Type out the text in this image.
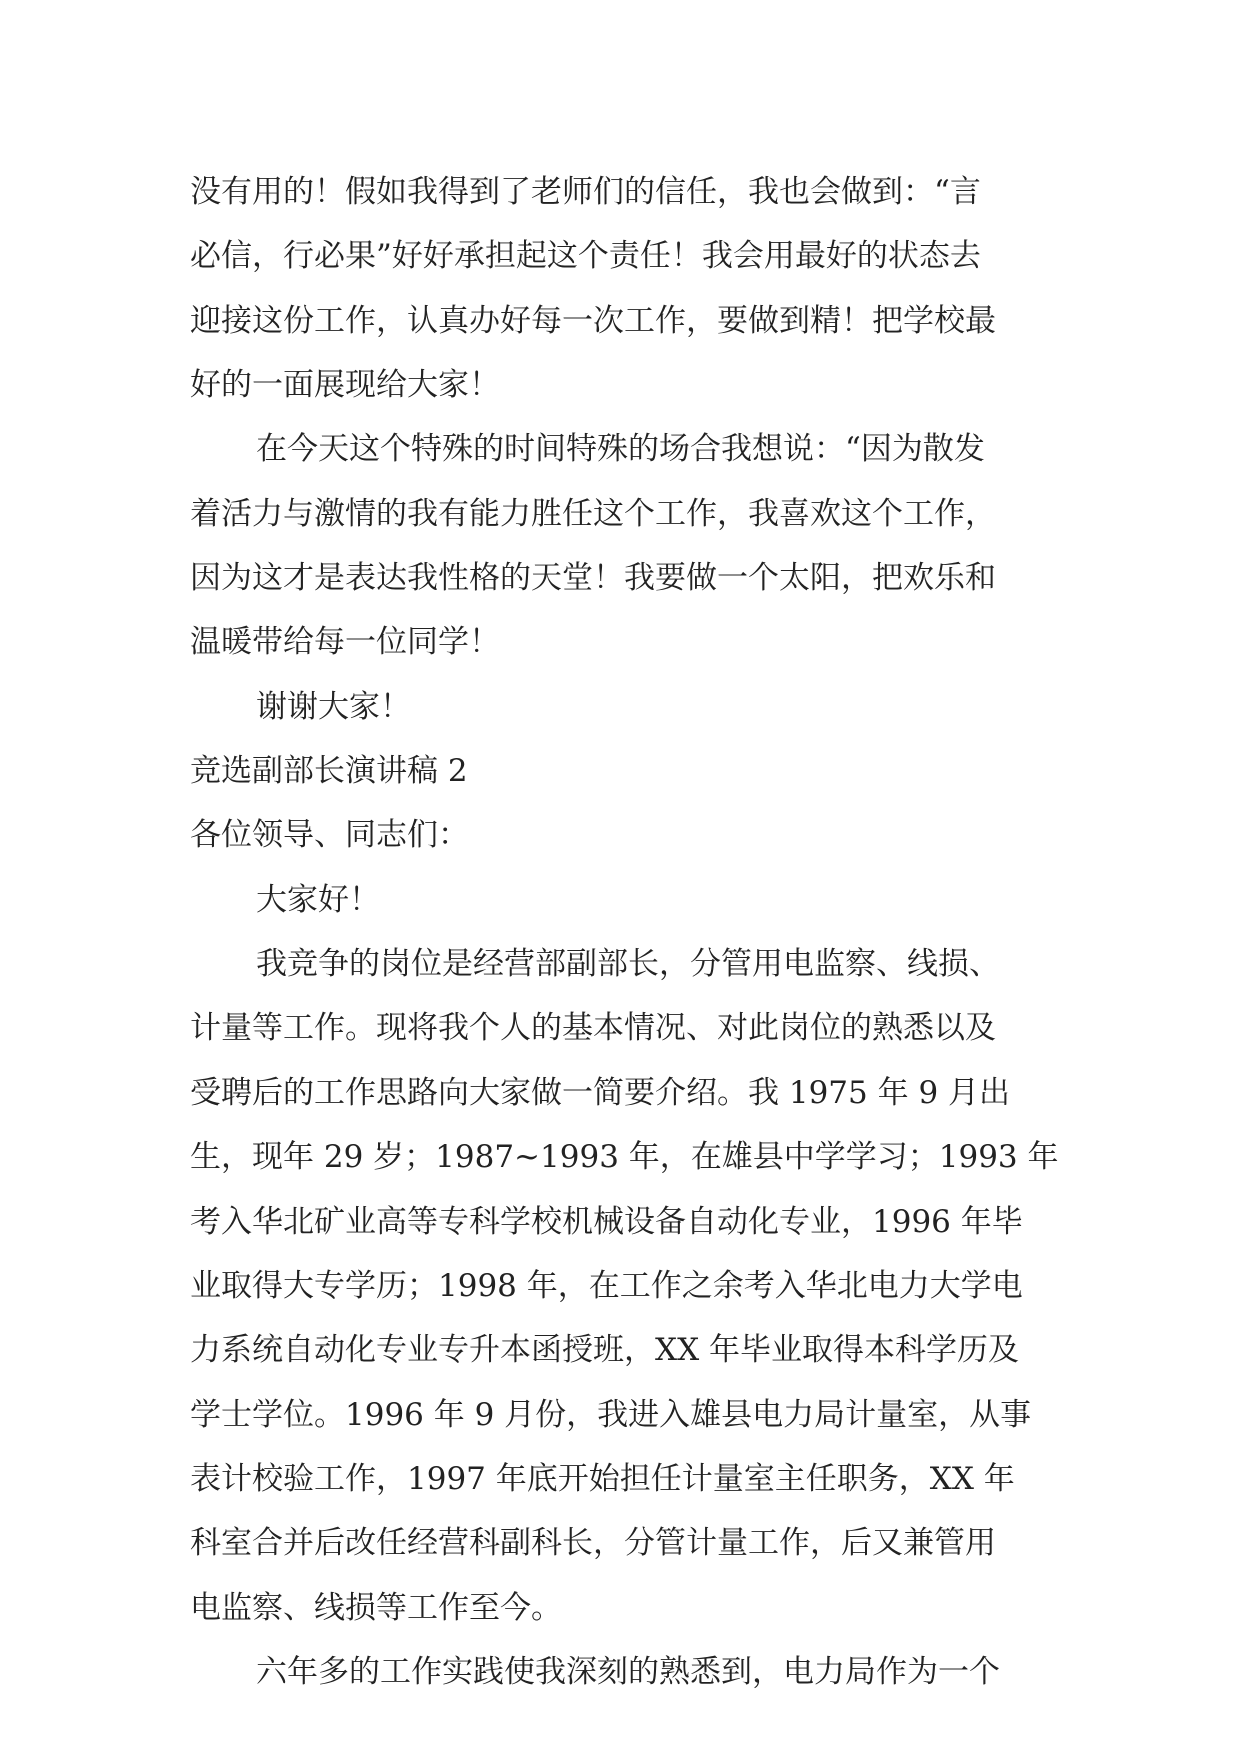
没有用的！假如我得到了老师们的信任，我也会做到：“言
必信，行必果”好好承担起这个责任！我会用最好的状态去
迎接这份工作，认真办好每一次工作，要做到精！把学校最
好的一面展现给大家！
在今天这个特殊的时间特殊的场合我想说：“因为散发
着活力与激情的我有能力胜任这个工作，我喜欢这个工作，
因为这才是表达我性格的天堂！我要做一个太阳，把欢乐和
温暖带给每一位同学！
谢谢大家！
竞选副部长演讲稿 2
各位领导、同志们：
大家好！
我竞争的岗位是经营部副部长，分管用电监察、线损、
计量等工作。现将我个人的基本情况、对此岗位的熟悉以及
受聘后的工作思路向大家做一简要介绍。我 1975 年 9 月出
生，现年 29 岁；1987~1993 年，在雄县中学学习；1993 年
考入华北矿业高等专科学校机械设备自动化专业，1996 年毕
业取得大专学历；1998 年，在工作之余考入华北电力大学电
力系统自动化专业专升本函授班，XX 年毕业取得本科学历及
学士学位。1996 年 9 月份，我进入雄县电力局计量室，从事
表计校验工作，1997 年底开始担任计量室主任职务，XX 年
科室合并后改任经营科副科长，分管计量工作，后又兼管用
电监察、线损等工作至今。
六年多的工作实践使我深刻的熟悉到，电力局作为一个
